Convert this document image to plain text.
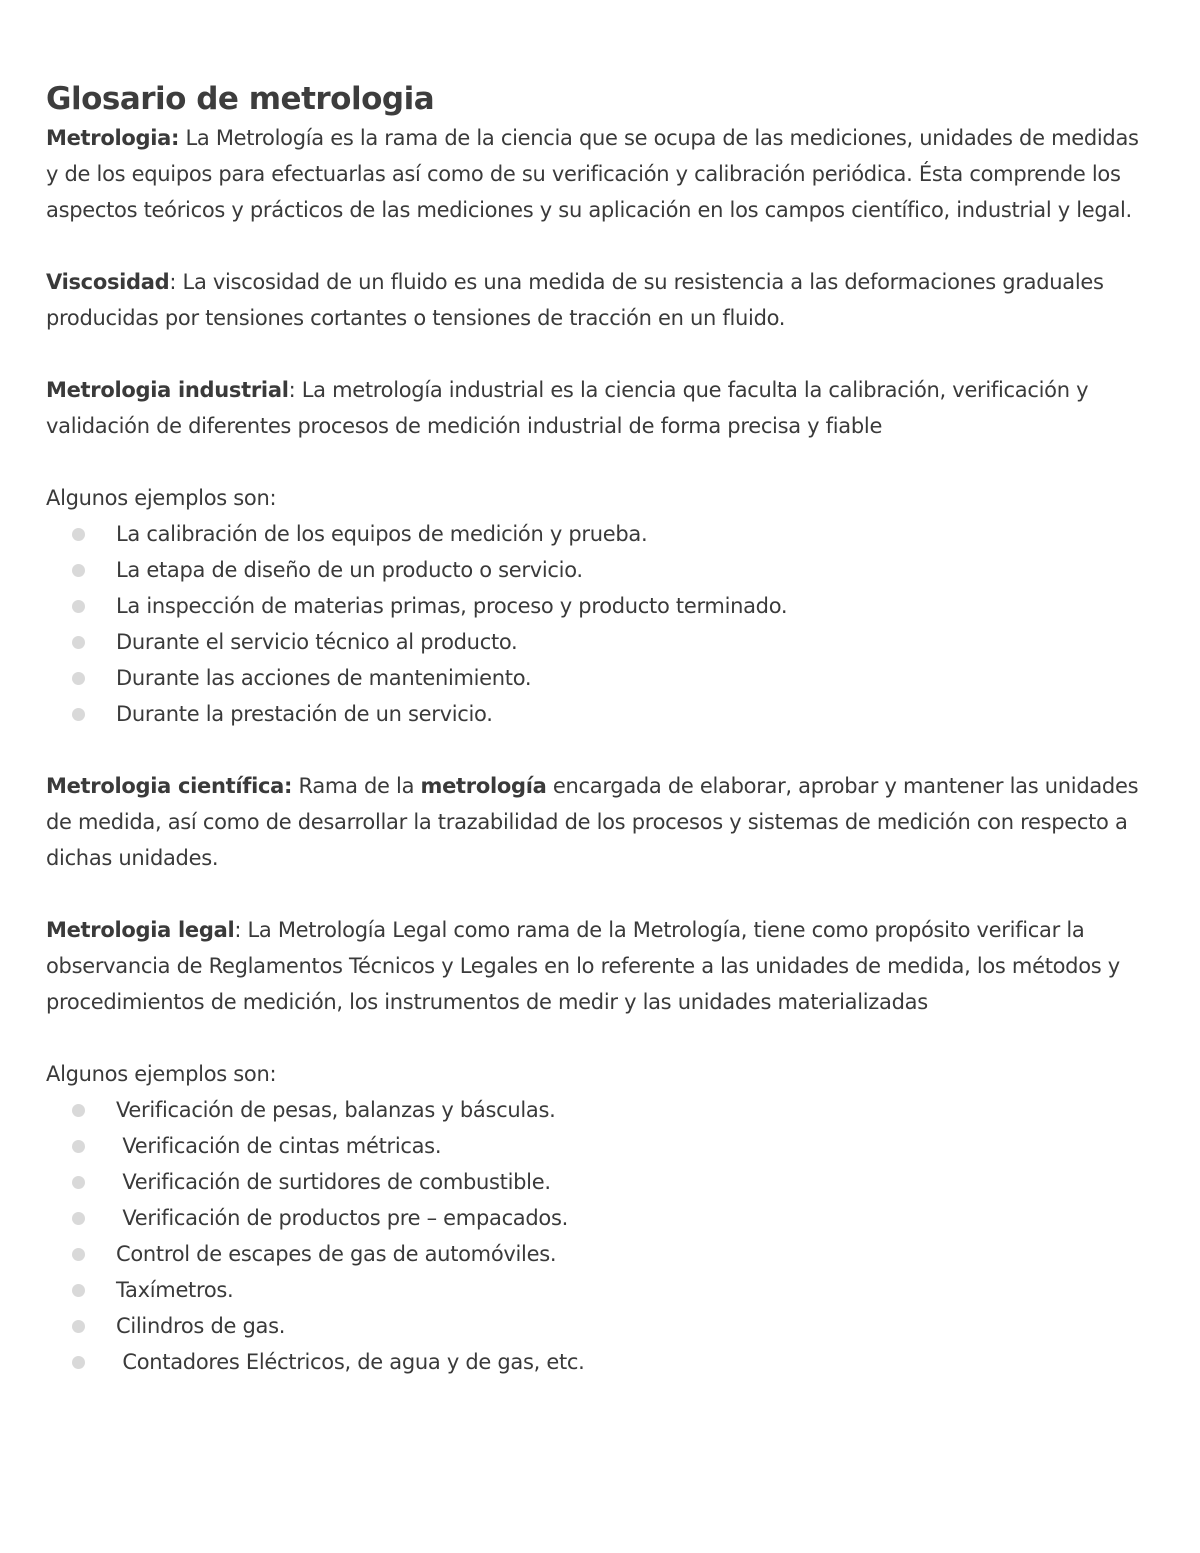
Glosario de metrologia

Metrologia: La Metrología es la rama de la ciencia que se ocupa de las mediciones, unidades de medidas y de los equipos para efectuarlas así como de su verificación y calibración periódica. Ésta comprende los aspectos teóricos y prácticos de las mediciones y su aplicación en los campos científico, industrial y legal.

Viscosidad: La viscosidad de un fluido es una medida de su resistencia a las deformaciones graduales producidas por tensiones cortantes o tensiones de tracción en un fluido.

Metrologia industrial: La metrología industrial es la ciencia que faculta la calibración, verificación y validación de diferentes procesos de medición industrial de forma precisa y fiable

Algunos ejemplos son:

La calibración de los equipos de medición y prueba.
La etapa de diseño de un producto o servicio.
La inspección de materias primas, proceso y producto terminado.
Durante el servicio técnico al producto.
Durante las acciones de mantenimiento.
Durante la prestación de un servicio.

Metrologia científica: Rama de la metrología encargada de elaborar, aprobar y mantener las unidades de medida, así como de desarrollar la trazabilidad de los procesos y sistemas de medición con respecto a dichas unidades.

Metrologia legal: La Metrología Legal como rama de la Metrología, tiene como propósito verificar la observancia de Reglamentos Técnicos y Legales en lo referente a las unidades de medida, los métodos y procedimientos de medición, los instrumentos de medir y las unidades materializadas

Algunos ejemplos son:

Verificación de pesas, balanzas y básculas.
Verificación de cintas métricas.
Verificación de surtidores de combustible.
Verificación de productos pre – empacados.
Control de escapes de gas de automóviles.
Taxímetros.
Cilindros de gas.
Contadores Eléctricos, de agua y de gas, etc.
